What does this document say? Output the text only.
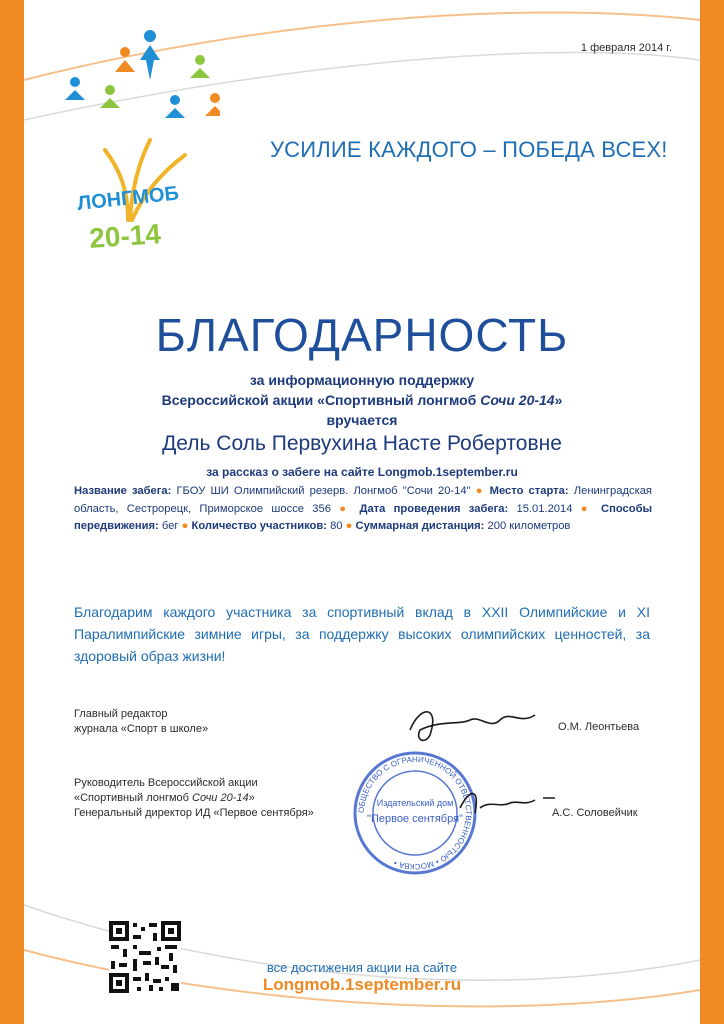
1 февраля 2014 г.
ЛОНГМОБ
20-14
УСИЛИЕ КАЖДОГО – ПОБЕДА ВСЕХ!
БЛАГОДАРНОСТЬ
за информационную поддержку
Всероссийской акции «Спортивный лонгмоб Сочи 20-14»
вручается
Дель Соль Первухина Насте Робертовне
за рассказ о забеге на сайте Longmob.1september.ru
Название забега: ГБОУ ШИ Олимпийский резерв. Лонгмоб "Сочи 20-14" ● Место старта: Ленинградская область, Сестрорецк, Приморское шоссе 356 ● Дата проведения забега: 15.01.2014 ● Способы передвижения: бег ● Количество участников: 80 ● Суммарная дистанция: 200 километров
Благодарим каждого участника за спортивный вклад в XXII Олимпийские и XI Паралимпийские зимние игры, за поддержку высоких олимпийских ценностей, за здоровый образ жизни!
Главный редактор
журнала «Спорт в школе»	О.М. Леонтьева
Руководитель Всероссийской акции
«Спортивный лонгмоб Сочи 20-14»
Генеральный директор ИД «Первое сентября»	ОБЩЕСТВО С ОГРАНИЧЕННОЙ ОТВЕТСТВЕННОСТЬЮ • МОСКВА •
Издательский дом
"Первое сентября"	А.С. Соловейчик
все достижения акции на сайте
Longmob.1september.ru
